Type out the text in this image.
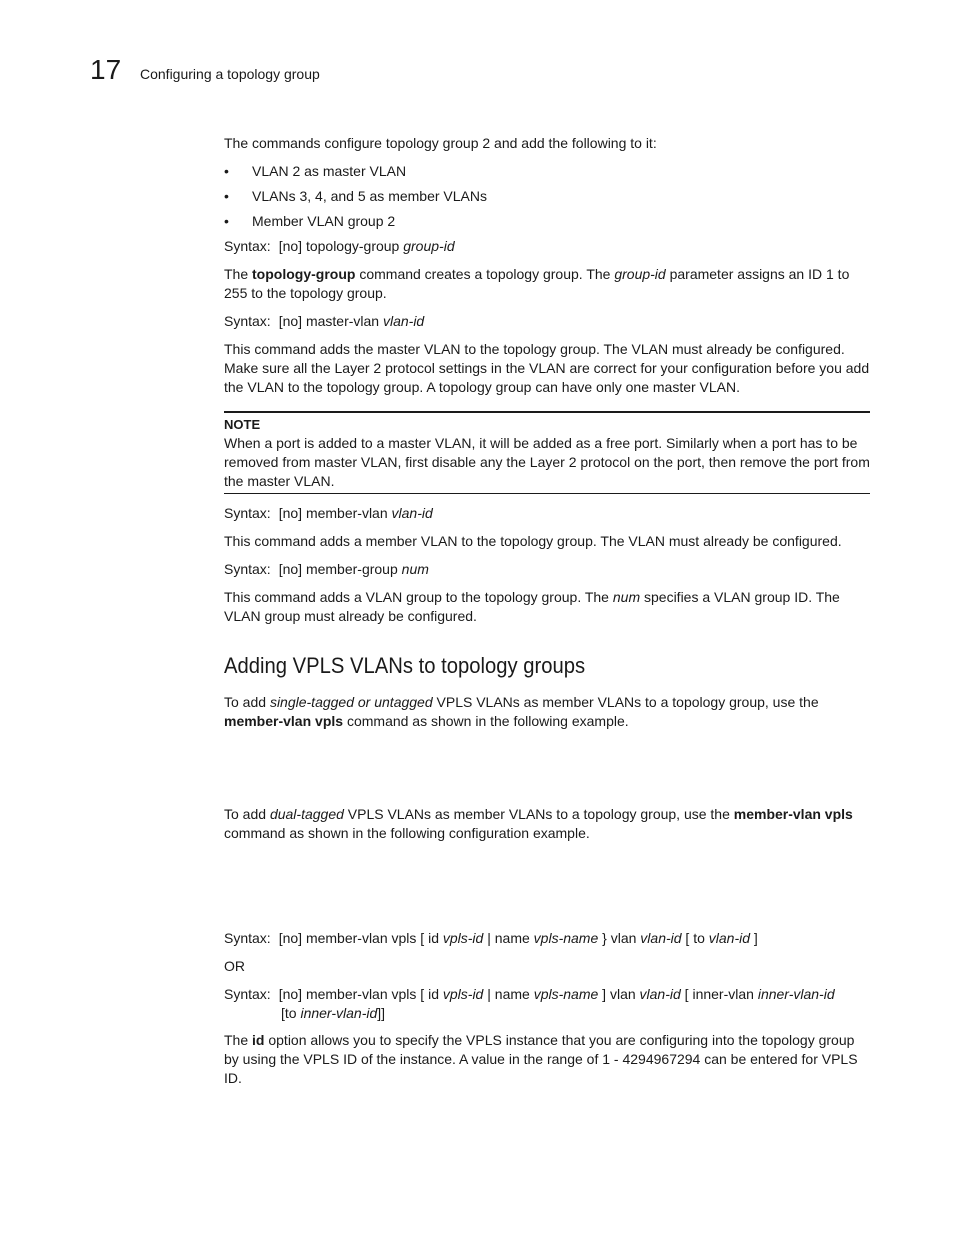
17 Configuring a topology group

The commands configure topology group 2 and add the following to it:

•	VLAN 2 as master VLAN
•	VLANs 3, 4, and 5 as member VLANs
•	Member VLAN group 2

Syntax: [no] topology-group group-id

The topology-group command creates a topology group. The group-id parameter assigns an ID 1 to 255 to the topology group.

Syntax: [no] master-vlan vlan-id

This command adds the master VLAN to the topology group. The VLAN must already be configured. Make sure all the Layer 2 protocol settings in the VLAN are correct for your configuration before you add the VLAN to the topology group. A topology group can have only one master VLAN.

NOTE
When a port is added to a master VLAN, it will be added as a free port. Similarly when a port has to be removed from master VLAN, first disable any the Layer 2 protocol on the port, then remove the port from the master VLAN.

Syntax: [no] member-vlan vlan-id

This command adds a member VLAN to the topology group. The VLAN must already be configured.

Syntax: [no] member-group num

This command adds a VLAN group to the topology group. The num specifies a VLAN group ID. The VLAN group must already be configured.

Adding VPLS VLANs to topology groups

To add single-tagged or untagged VPLS VLANs as member VLANs to a topology group, use the member-vlan vpls command as shown in the following example.

To add dual-tagged VPLS VLANs as member VLANs to a topology group, use the member-vlan vpls command as shown in the following configuration example.

Syntax: [no] member-vlan vpls [ id vpls-id | name vpls-name } vlan vlan-id [ to vlan-id ]

OR

Syntax: [no] member-vlan vpls [ id vpls-id | name vpls-name ] vlan vlan-id [ inner-vlan inner-vlan-id
[to inner-vlan-id]]

The id option allows you to specify the VPLS instance that you are configuring into the topology group by using the VPLS ID of the instance. A value in the range of 1 - 4294967294 can be entered for VPLS ID.
